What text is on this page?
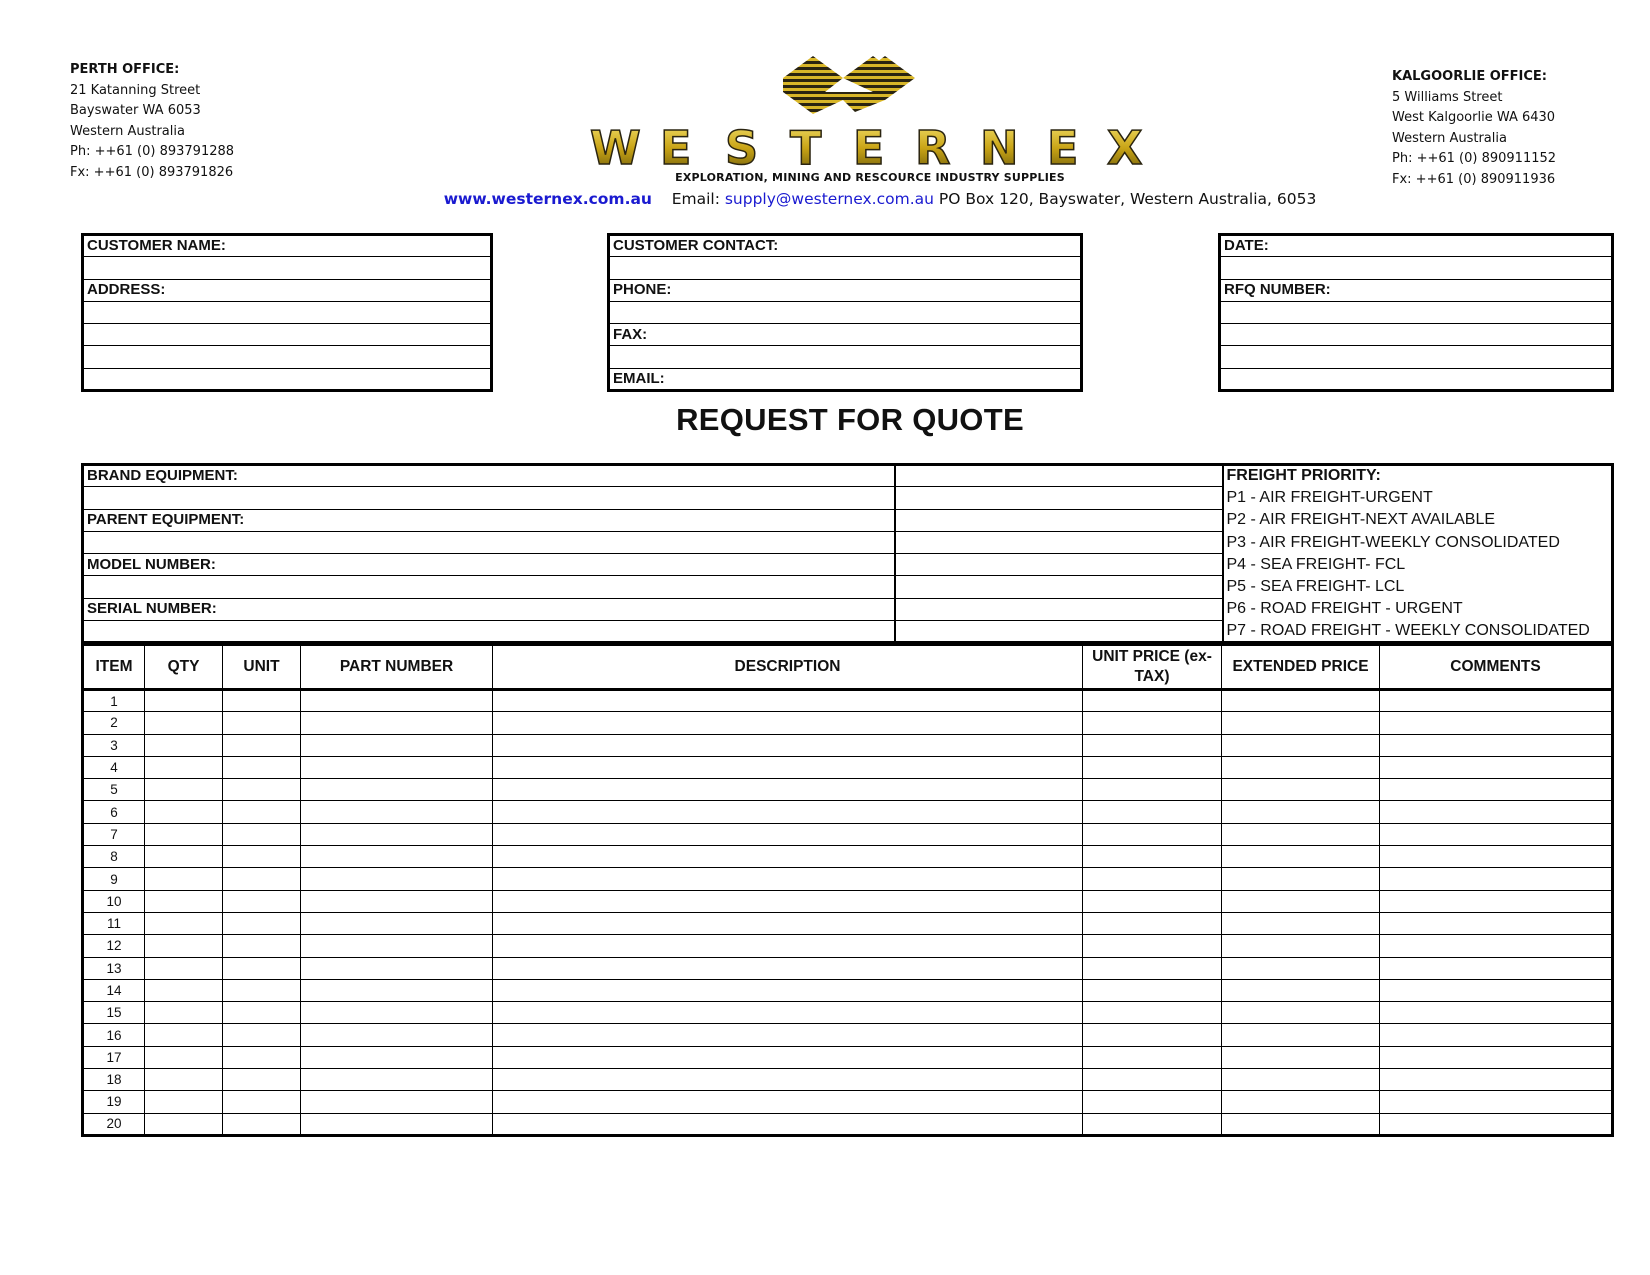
PERTH OFFICE:
21 Katanning Street
Bayswater WA 6053
Western Australia
Ph: ++61 (0) 893791288
Fx: ++61 (0) 893791826	W E S T E R N E X
EXPLORATION, MINING AND RESCOURCE INDUSTRY SUPPLIES
www.westernex.com.au Email: supply@westernex.com.au PO Box 120, Bayswater, Western Australia, 6053
KALGOORLIE OFFICE:
5 Williams Street
West Kalgoorlie WA 6430
Western Australia
Ph: ++61 (0) 890911152
Fx: ++61 (0) 890911936
CUSTOMER NAME:

ADDRESS:

CUSTOMER CONTACT:

PHONE:

FAX:

EMAIL:
DATE:

RFQ NUMBER:

REQUEST FOR QUOTE
BRAND EQUIPMENT:		FREIGHT PRIORITY:
		P1 - AIR FREIGHT-URGENT
PARENT EQUIPMENT:		P2 - AIR FREIGHT-NEXT AVAILABLE
		P3 - AIR FREIGHT-WEEKLY CONSOLIDATED
MODEL NUMBER:		P4 - SEA FREIGHT- FCL
		P5 - SEA FREIGHT- LCL
SERIAL NUMBER:		P6 - ROAD FREIGHT - URGENT
		P7 - ROAD FREIGHT - WEEKLY CONSOLIDATED
ITEM	QTY	UNIT	PART NUMBER	DESCRIPTION	UNIT PRICE (ex-TAX)	EXTENDED PRICE	COMMENTS
1							
2							
3							
4							
5							
6							
7							
8							
9							
10							
11							
12							
13							
14							
15							
16							
17							
18							
19							
20							
